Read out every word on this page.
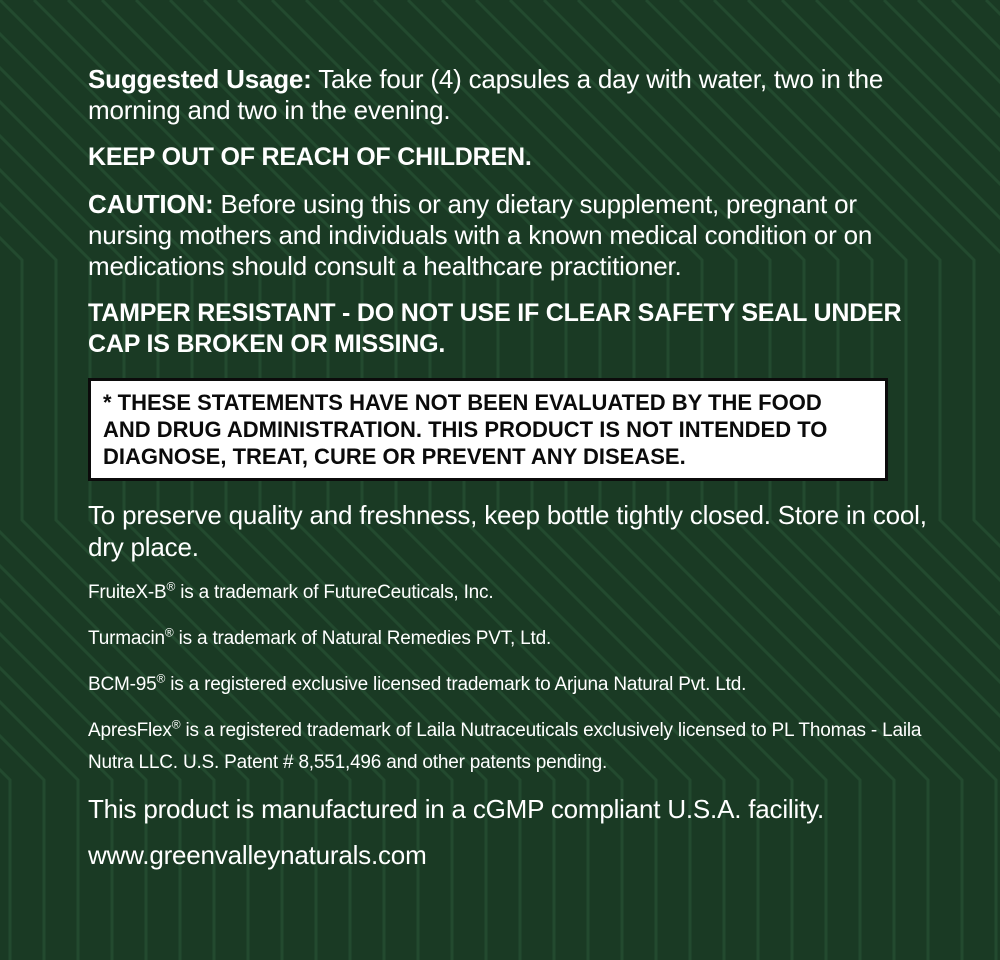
Suggested Usage: Take four (4) capsules a day with water, two in the morning and two in the evening.

KEEP OUT OF REACH OF CHILDREN.

CAUTION: Before using this or any dietary supplement, pregnant or nursing mothers and individuals with a known medical condition or on medications should consult a healthcare practitioner.

TAMPER RESISTANT - DO NOT USE IF CLEAR SAFETY SEAL UNDER CAP IS BROKEN OR MISSING.

* THESE STATEMENTS HAVE NOT BEEN EVALUATED BY THE FOOD AND DRUG ADMINISTRATION. THIS PRODUCT IS NOT INTENDED TO DIAGNOSE, TREAT, CURE OR PREVENT ANY DISEASE.

To preserve quality and freshness, keep bottle tightly closed. Store in cool, dry place.

FruiteX-B® is a trademark of FutureCeuticals, Inc.

Turmacin® is a trademark of Natural Remedies PVT, Ltd.

BCM-95® is a registered exclusive licensed trademark to Arjuna Natural Pvt. Ltd.

ApresFlex® is a registered trademark of Laila Nutraceuticals exclusively licensed to PL Thomas - Laila Nutra LLC. U.S. Patent # 8,551,496 and other patents pending.

This product is manufactured in a cGMP compliant U.S.A. facility.

www.greenvalleynaturals.com
